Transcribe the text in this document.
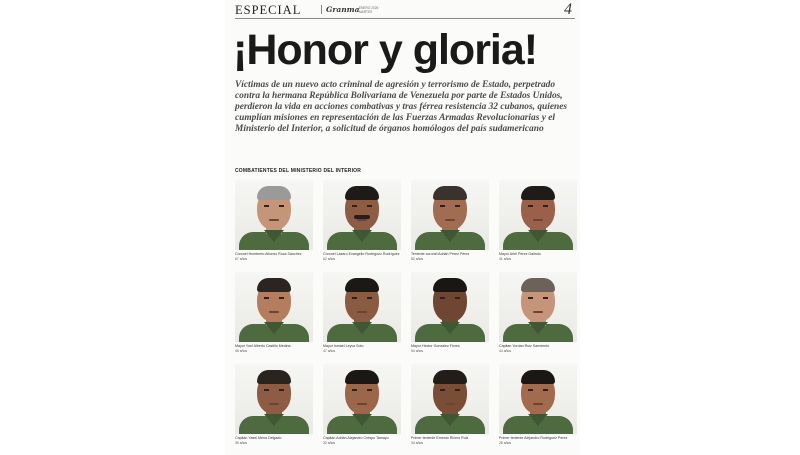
ESPECIAL	Granma ENERO 2026 · MARTES	4
¡Honor y gloria!

Víctimas de un nuevo acto criminal de agresión y terrorismo de Estado, perpetrado contra la hermana República Bolivariana de Venezuela por parte de Estados Unidos, perdieron la vida en acciones combativas y tras férrea resistencia 32 cubanos, quienes cumplían misiones en representación de las Fuerzas Armadas Revolucionarias y el Ministerio del Interior, a solicitud de órganos homólogos del país sudamericano

COMBATIENTES DEL MINISTERIO DEL INTERIOR
Coronel Humberto Alfonso Roca Sánchez
67 años
Coronel Lázaro Evangelio Rodríguez Rodríguez
62 años
Teniente coronel Adrián Pérez Pérez
52 años
Mayor Ariel Pérez Galindo
41 años
Mayor Yoel Alberto Castillo Medina
45 años
Mayor Ismael Leyva Soto
47 años
Mayor Hector Gonzalez Flores
54 años
Capitan Yordan Ruiz Sarmiento
44 años
Capitán Yasel Mena Delgado
39 años
Capitán Adrián Alejandro Crespo Tamayo
32 años
Primer teniente Ernesto Rivero Ruiz
34 años
Primer teniente Alejandro Rodríguez Pérez
28 años
